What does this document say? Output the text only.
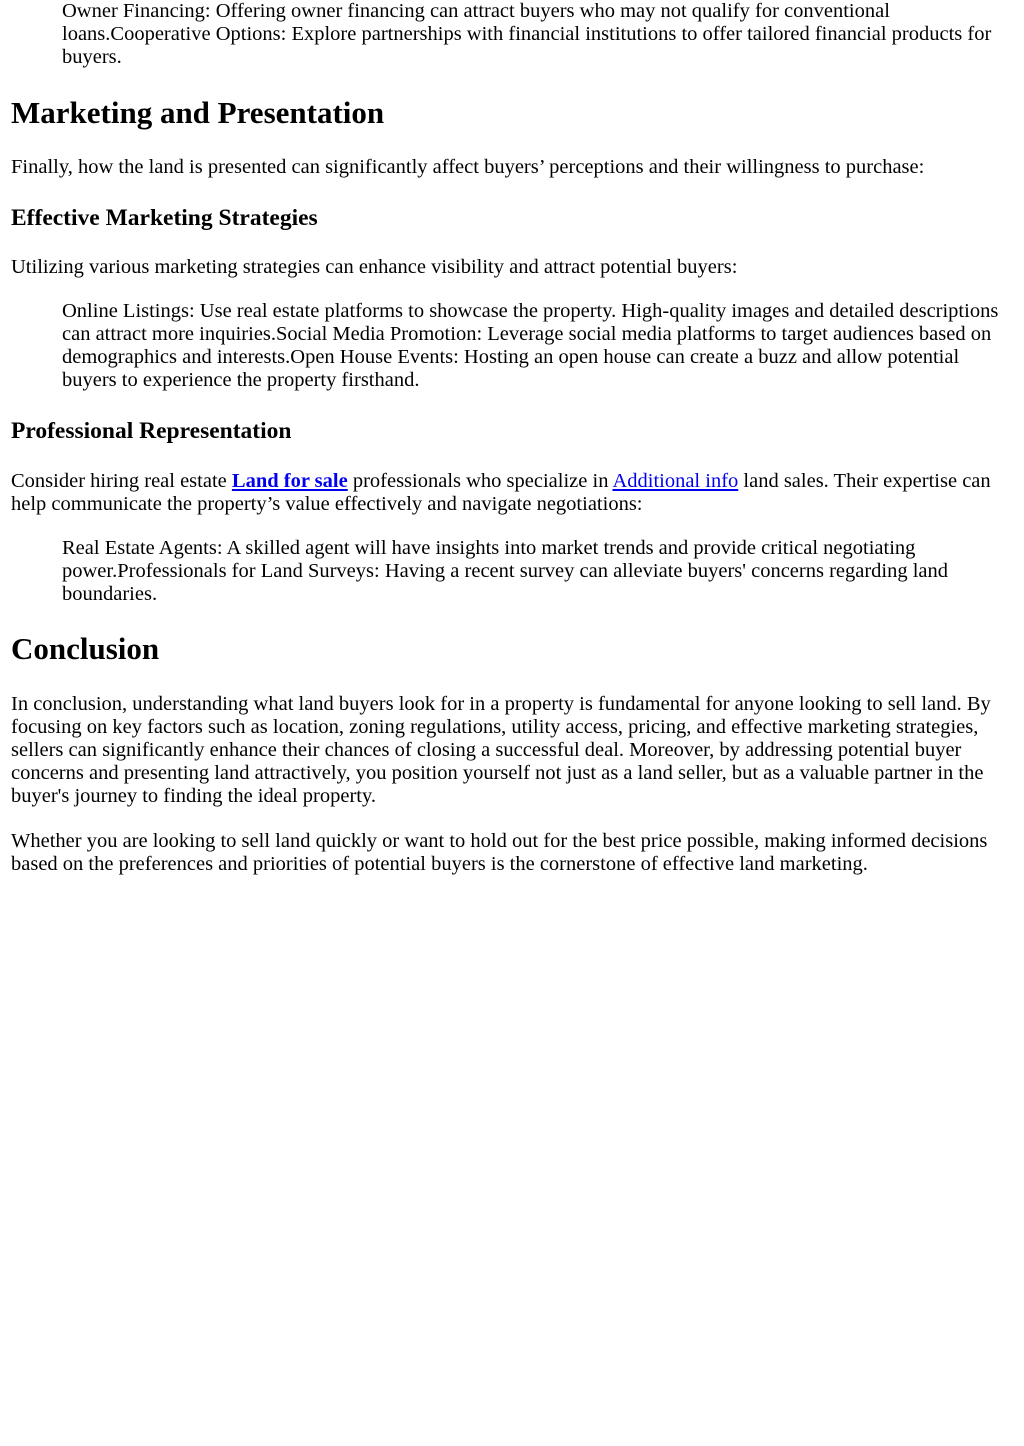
Owner Financing: Offering owner financing can attract buyers who may not qualify for conventional loans.Cooperative Options: Explore partnerships with financial institutions to offer tailored financial products for buyers.

Marketing and Presentation

Finally, how the land is presented can significantly affect buyers’ perceptions and their willingness to purchase:

Effective Marketing Strategies

Utilizing various marketing strategies can enhance visibility and attract potential buyers:

Online Listings: Use real estate platforms to showcase the property. High-quality images and detailed descriptions can attract more inquiries.Social Media Promotion: Leverage social media platforms to target audiences based on demographics and interests.Open House Events: Hosting an open house can create a buzz and allow potential buyers to experience the property firsthand.

Professional Representation

Consider hiring real estate Land for sale professionals who specialize in Additional info land sales. Their expertise can help communicate the property’s value effectively and navigate negotiations:

Real Estate Agents: A skilled agent will have insights into market trends and provide critical negotiating power.Professionals for Land Surveys: Having a recent survey can alleviate buyers' concerns regarding land boundaries.

Conclusion

In conclusion, understanding what land buyers look for in a property is fundamental for anyone looking to sell land. By focusing on key factors such as location, zoning regulations, utility access, pricing, and effective marketing strategies, sellers can significantly enhance their chances of closing a successful deal. Moreover, by addressing potential buyer concerns and presenting land attractively, you position yourself not just as a land seller, but as a valuable partner in the buyer's journey to finding the ideal property.

Whether you are looking to sell land quickly or want to hold out for the best price possible, making informed decisions based on the preferences and priorities of potential buyers is the cornerstone of effective land marketing.
